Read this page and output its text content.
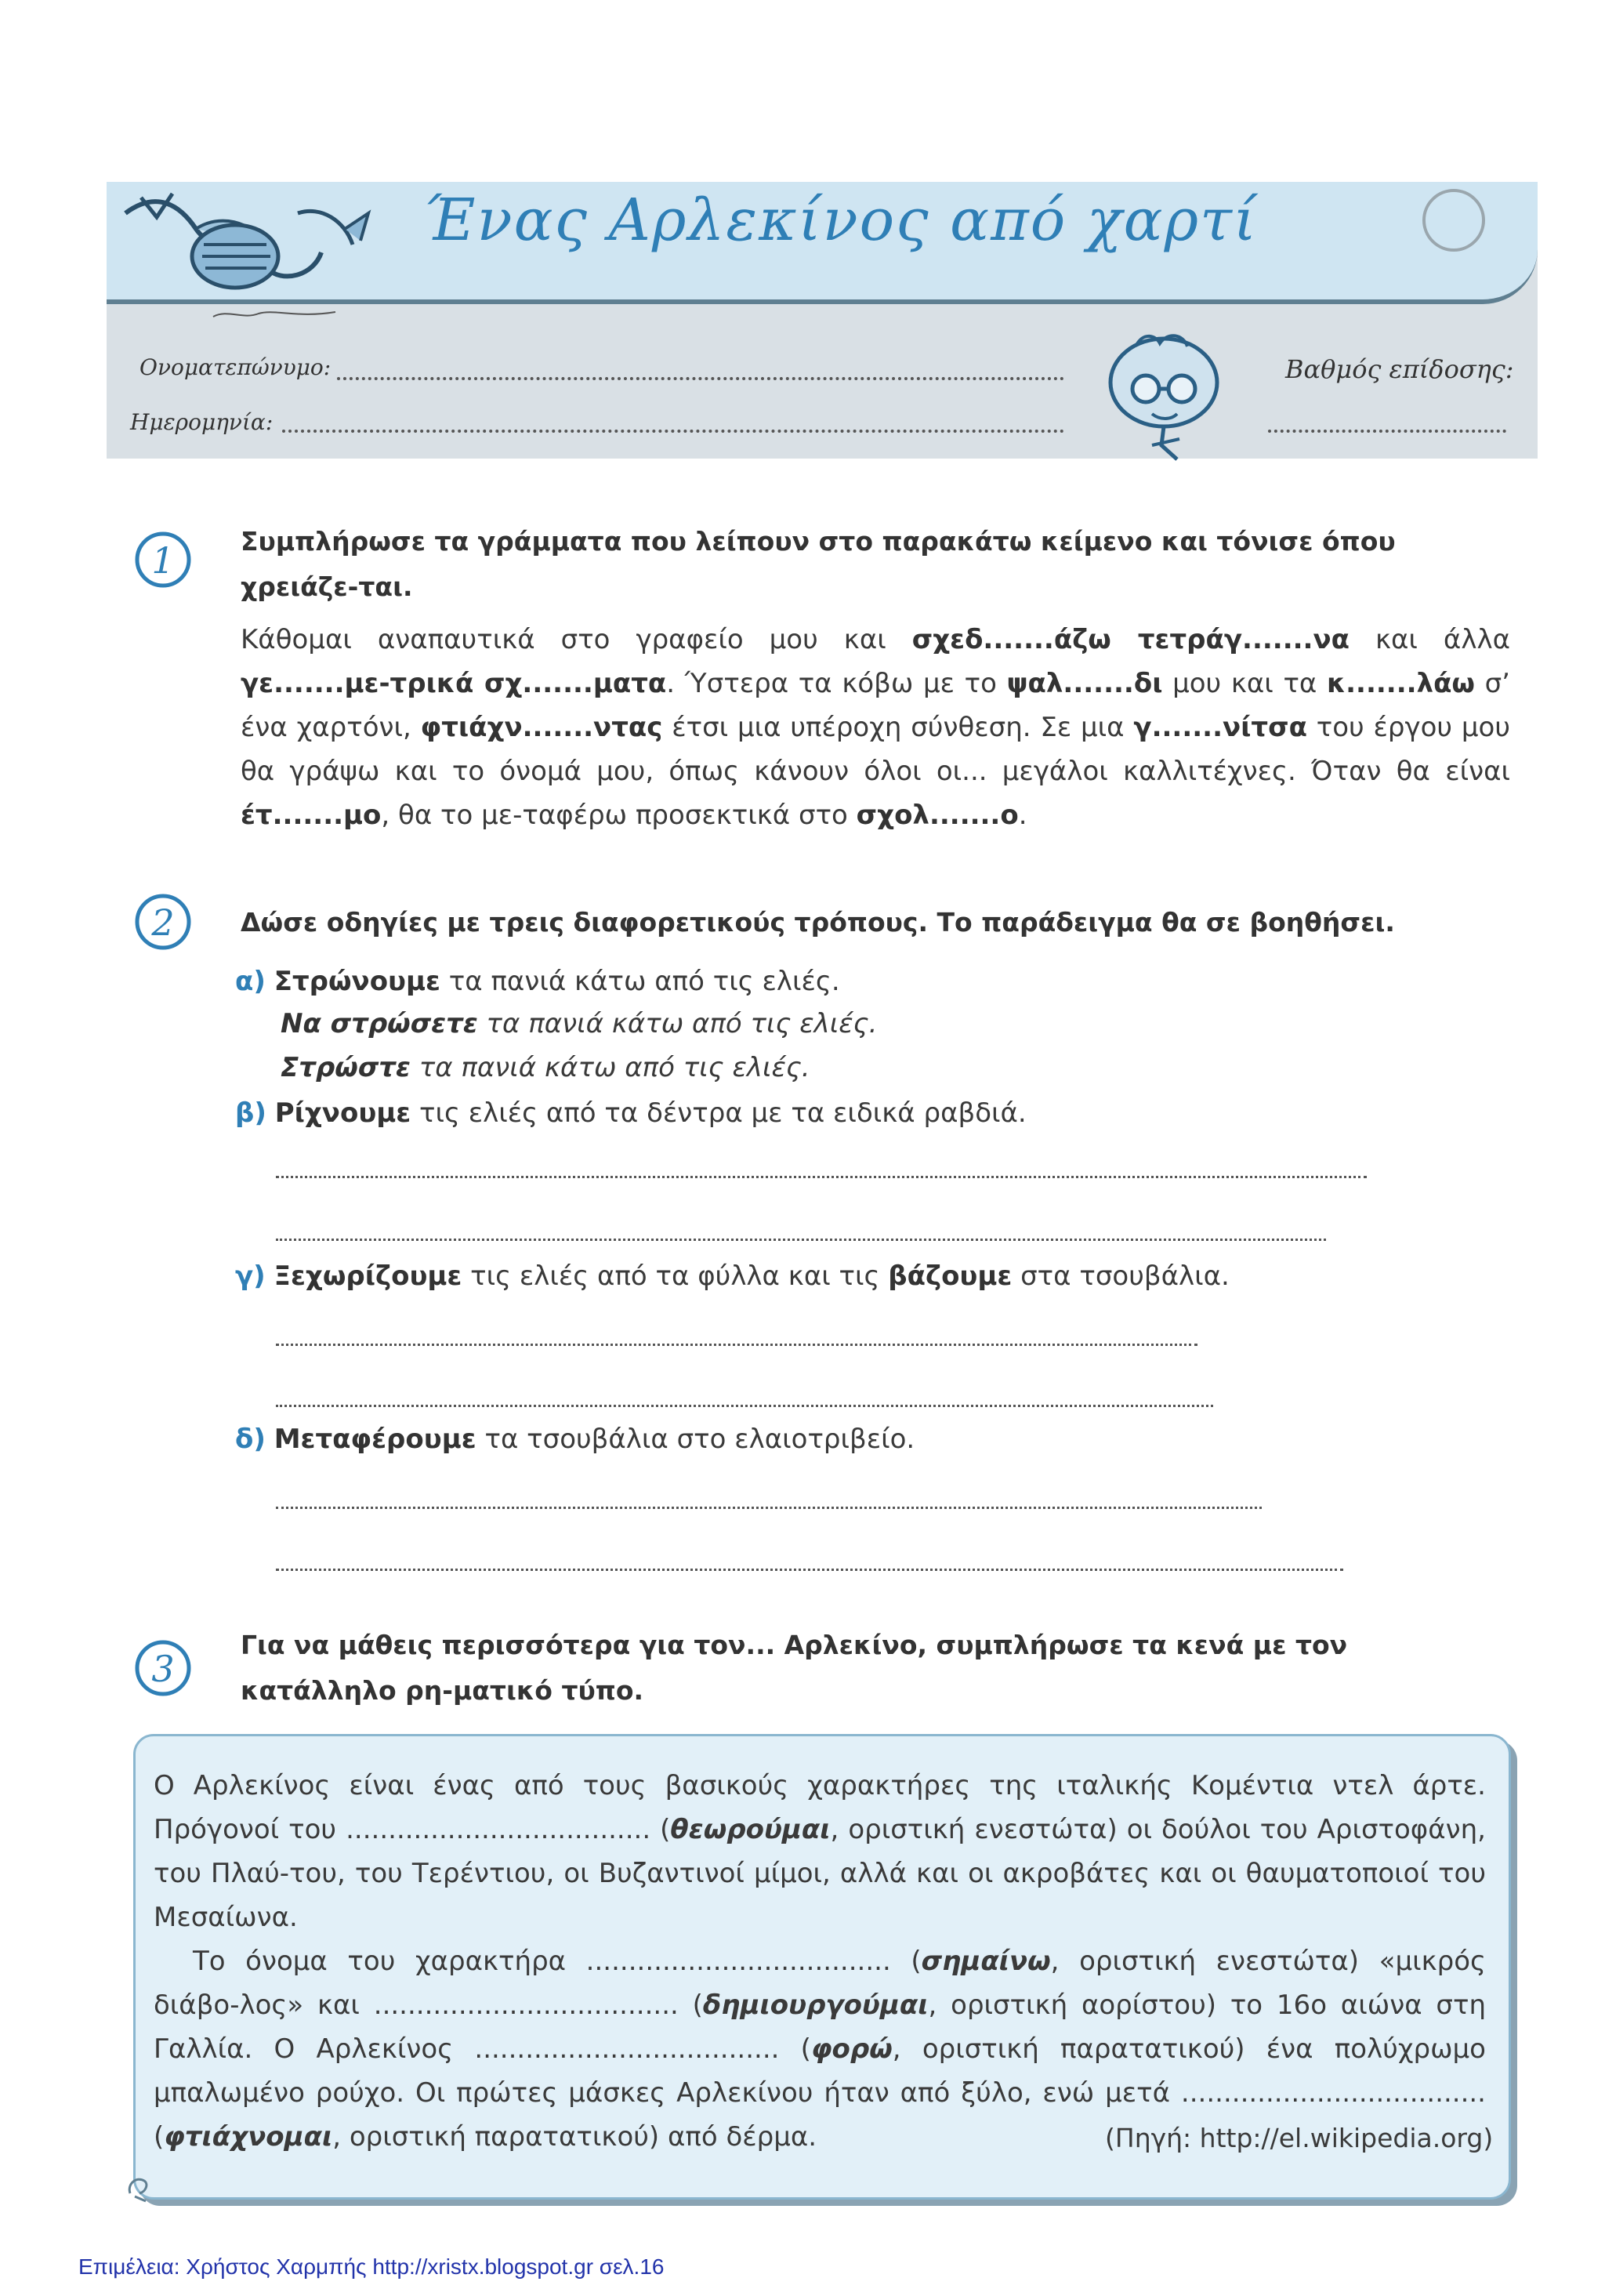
Ένας Αρλεκίνος από χαρτί
Ονοματεπώνυμο:
Ημερομηνία:
Βαθμός επίδοσης:
1	Συμπλήρωσε τα γράμματα που λείπουν στο παρακάτω κείμενο και τόνισε όπου χρειάζε-ται.
Κάθομαι αναπαυτικά στο γραφείο μου και σχεδ.......άζω τετράγ.......να και άλλα γε.......με-τρικά σχ.......ματα. Ύστερα τα κόβω με το ψαλ.......δι μου και τα κ.......λάω σ’ ένα χαρτόνι, φτιάχν.......ντας έτσι μια υπέροχη σύνθεση. Σε μια γ.......νίτσα του έργου μου θα γράψω και το όνομά μου, όπως κάνουν όλοι οι... μεγάλοι καλλιτέχνες. Όταν θα είναι έτ.......μο, θα το με-ταφέρω προσεκτικά στο σχολ.......ο.
2	Δώσε οδηγίες με τρεις διαφορετικούς τρόπους. Το παράδειγμα θα σε βοηθήσει.
α) Στρώνουμε τα πανιά κάτω από τις ελιές.
Να στρώσετε τα πανιά κάτω από τις ελιές.
Στρώστε τα πανιά κάτω από τις ελιές.
β) Ρίχνουμε τις ελιές από τα δέντρα με τα ειδικά ραβδιά.
γ) Ξεχωρίζουμε τις ελιές από τα φύλλα και τις βάζουμε στα τσουβάλια.
δ) Μεταφέρουμε τα τσουβάλια στο ελαιοτριβείο.
3
Για να μάθεις περισσότερα για τον... Αρλεκίνο, συμπλήρωσε τα κενά με τον κατάλληλο ρη-ματικό τύπο.
Ο Αρλεκίνος είναι ένας από τους βασικούς χαρακτήρες της ιταλικής Κομέντια ντελ άρτε. Πρόγονοί του .................................... (θεωρούμαι, οριστική ενεστώτα) οι δούλοι του Αριστοφάνη, του Πλαύ-του, του Τερέντιου, οι Βυζαντινοί μίμοι, αλλά και οι ακροβάτες και οι θαυματοποιοί του Μεσαίωνα.
Το όνομα του χαρακτήρα .................................... (σημαίνω, οριστική ενεστώτα) «μικρός διάβο-λος» και .................................... (δημιουργούμαι, οριστική αορίστου) το 16ο αιώνα στη Γαλλία. Ο Αρλεκίνος .................................... (φορώ, οριστική παρατατικού) ένα πολύχρωμο μπαλωμένο ρούχο. Οι πρώτες μάσκες Αρλεκίνου ήταν από ξύλο, ενώ μετά .................................... (φτιάχνομαι, οριστική παρατατικού) από δέρμα.	(Πηγή: http://el.wikipedia.org)
Επιμέλεια: Χρήστος Χαρμπής http://xristx.blogspot.gr σελ.16
